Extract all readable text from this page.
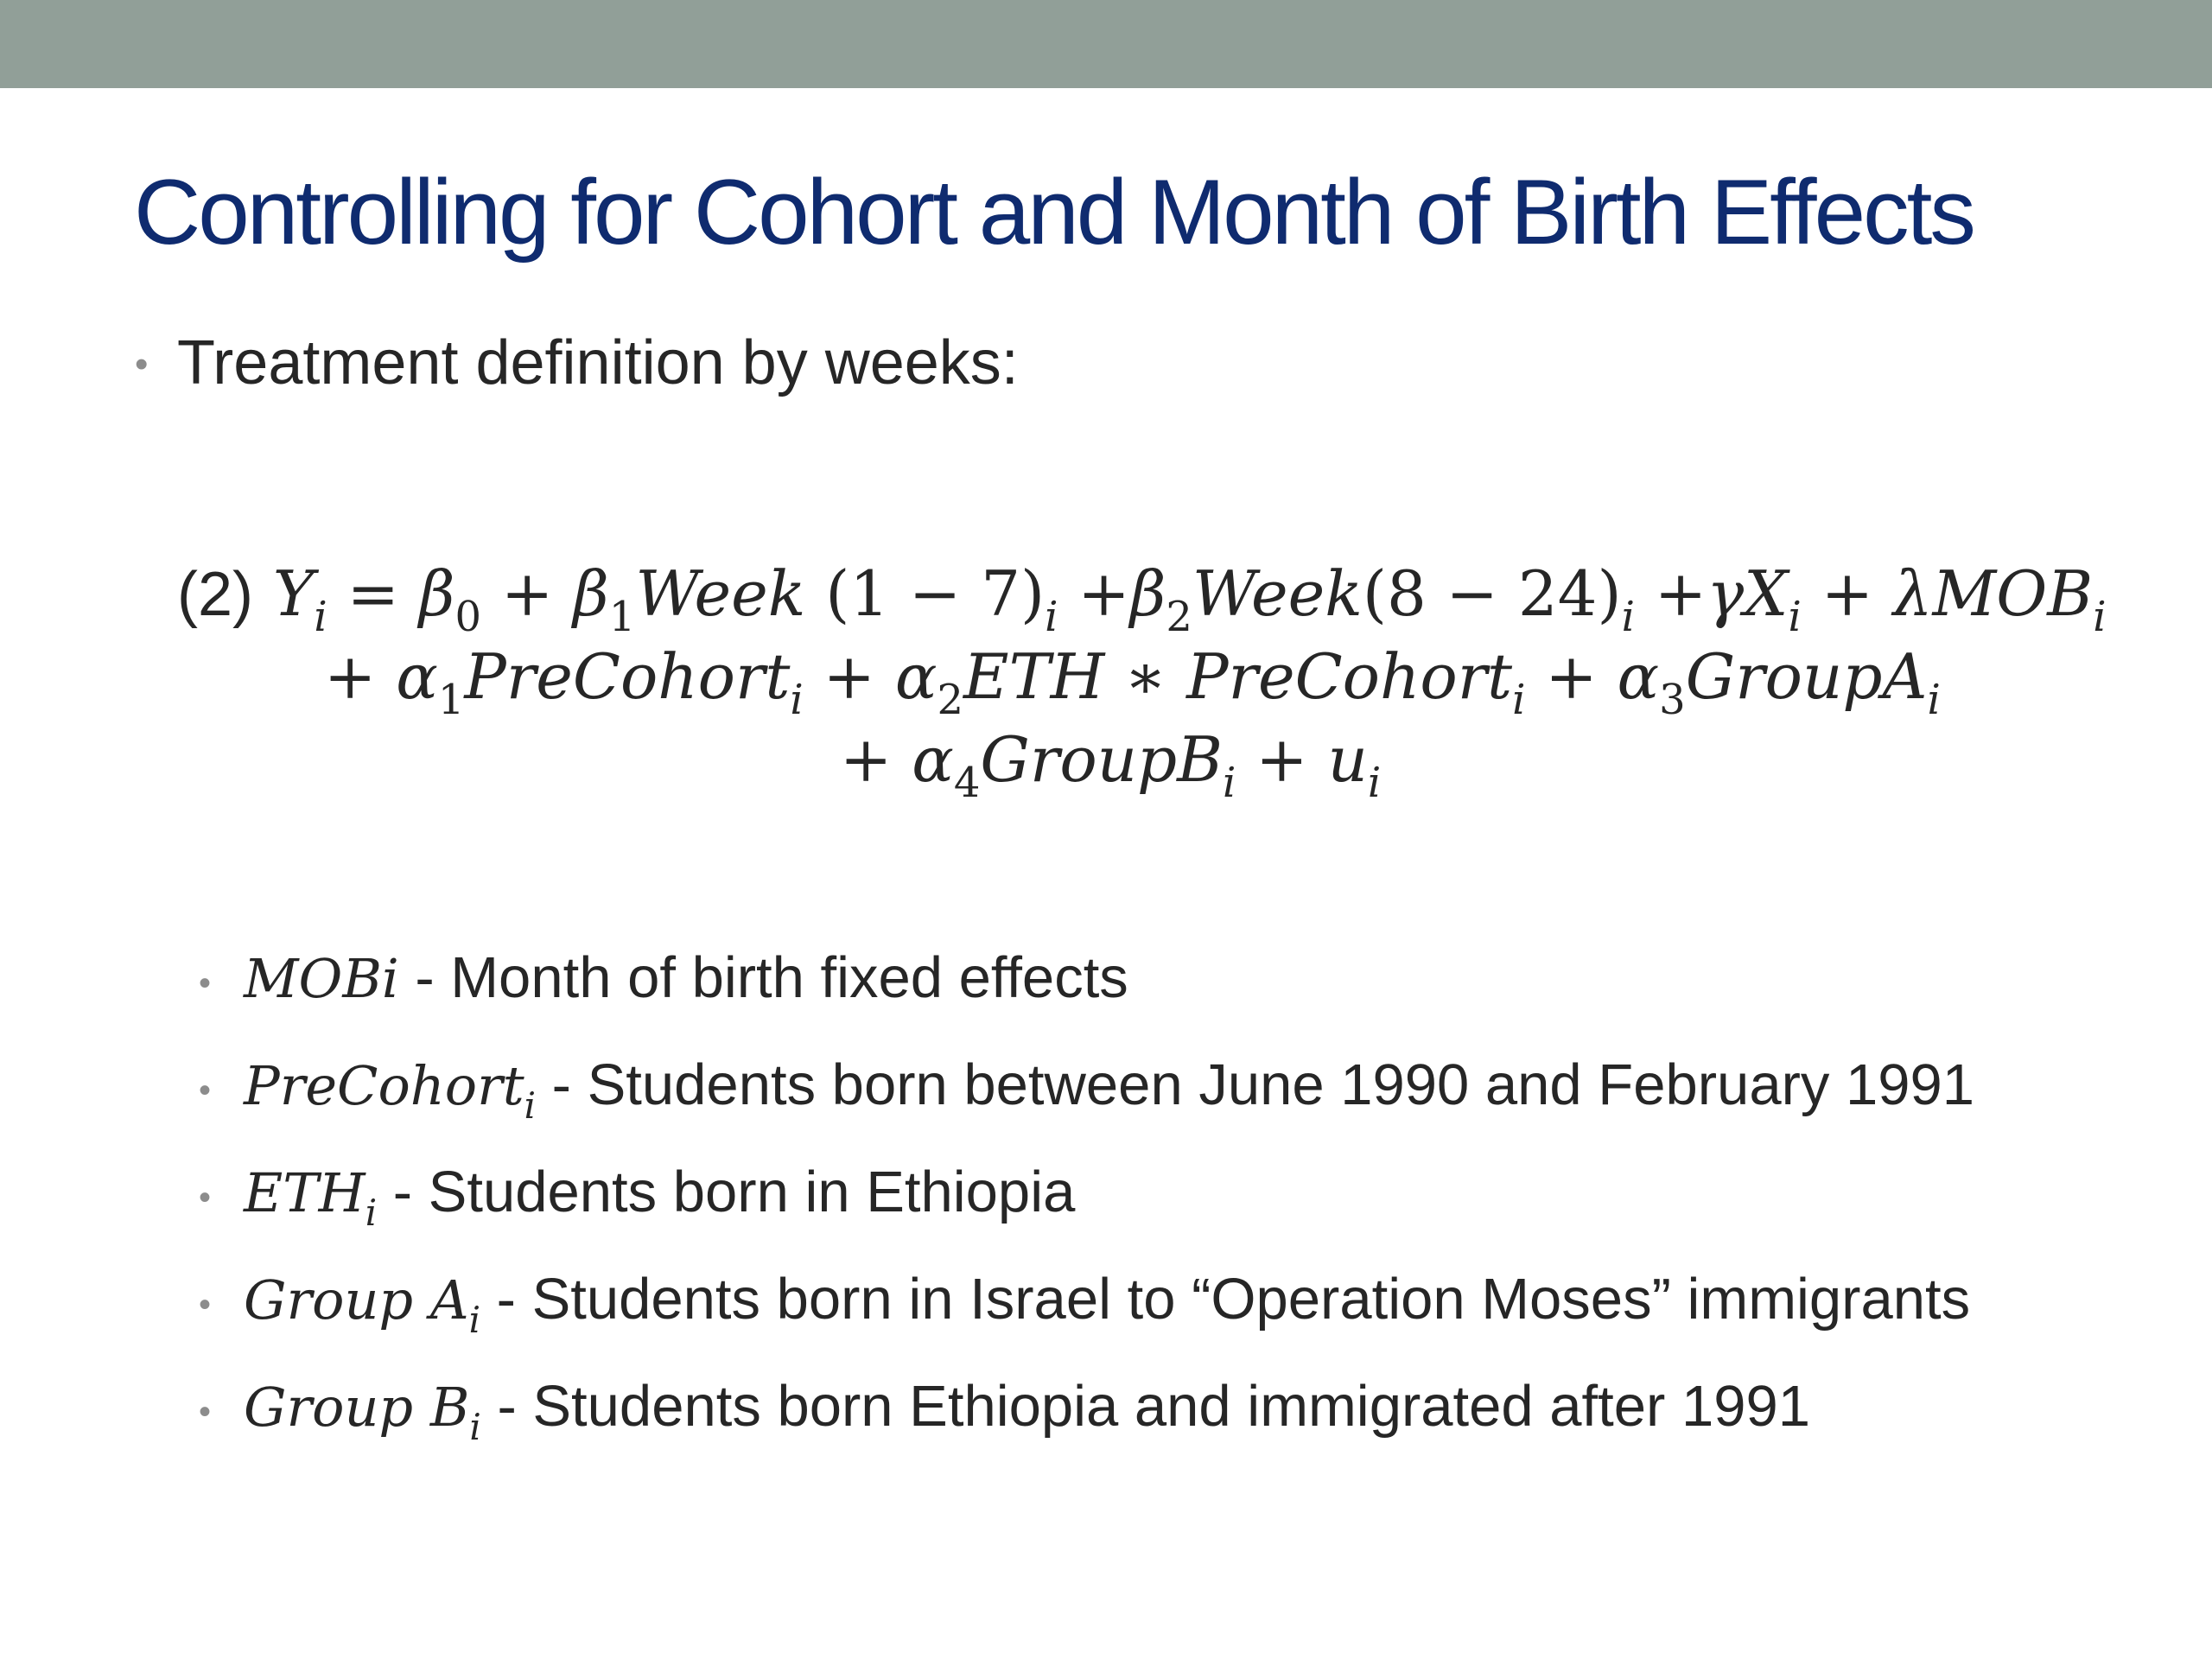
Controlling for Cohort and Month of Birth Effects
• Treatment definition by weeks:
(2) $Y_i = \beta_0$ + $\beta_1Week$ $(1 - 7)_i$ $+\beta_2Week(8 - 24)_i +\gamma X_i + \lambda MOB_i$
+ $\alpha_1PreCohort_i + \alpha_2ETH$ ∗ PreCohort$_i$ + $\alpha_3GroupA_i$
+ $\alpha_4GroupB_i + u_i$
• MOBi - Month of birth fixed effects
• PreCohort$_i$ - Students born between June 1990 and February 1991
• $ETH_i$ - Students born in Ethiopia
• Group $A_i$ - Students born in Israel to “Operation Moses” immigrants
• Group $B_i$ - Students born Ethiopia and immigrated after 1991
